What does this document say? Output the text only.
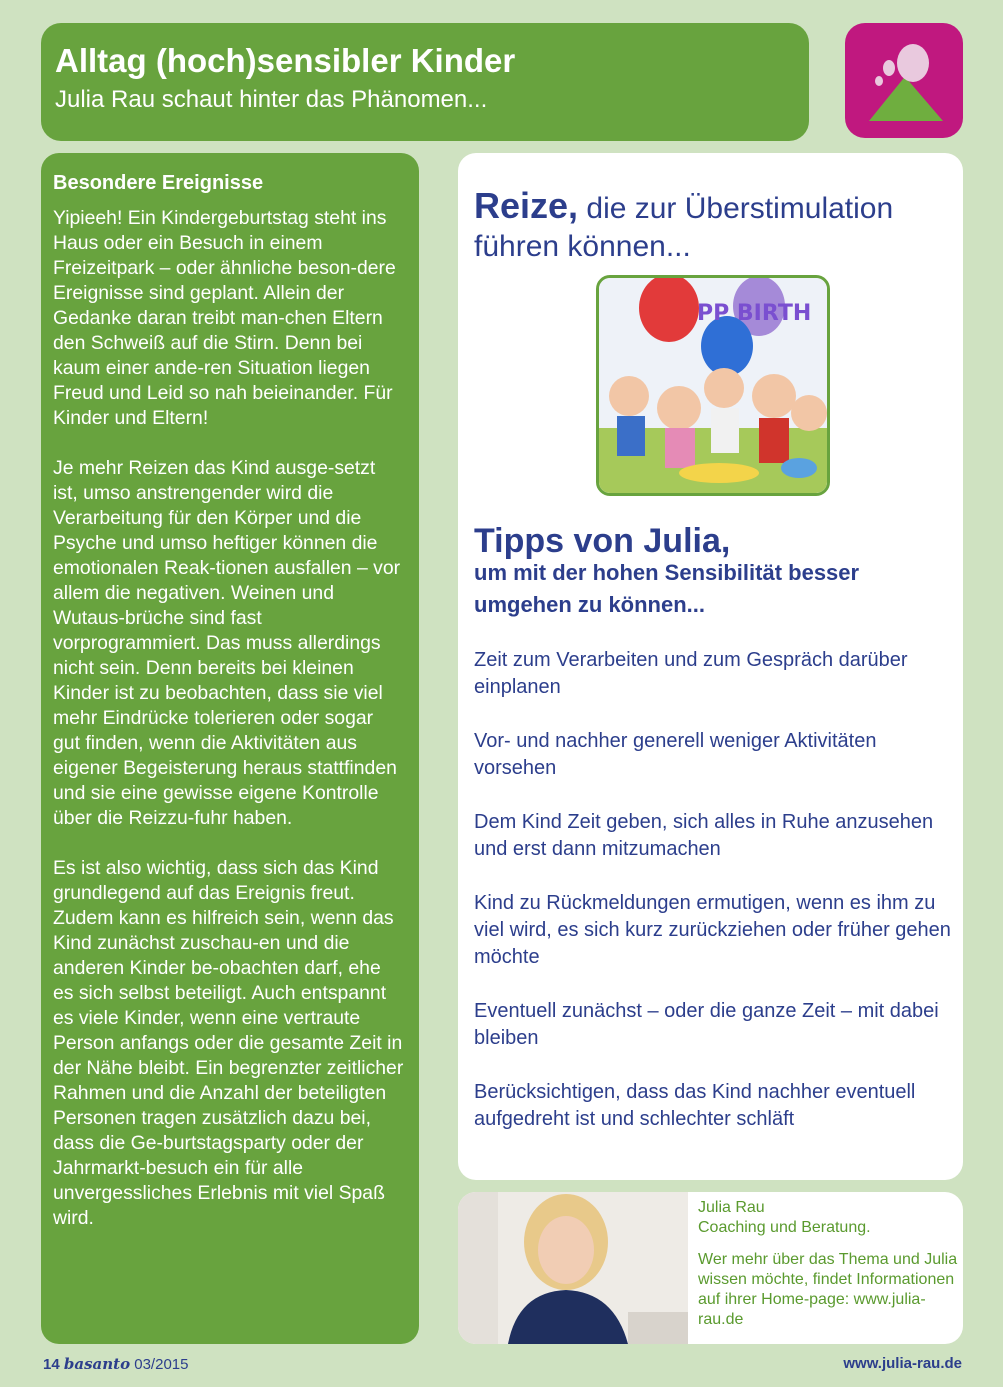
Alltag (hoch)sensibler Kinder
Julia Rau schaut hinter das Phänomen...
Besondere Ereignisse

Yipieeh! Ein Kindergeburtstag steht ins Haus oder ein Besuch in einem Freizeitpark – oder ähnliche beson-dere Ereignisse sind geplant. Allein der Gedanke daran treibt man-chen Eltern den Schweiß auf die Stirn. Denn bei kaum einer ande-ren Situation liegen Freud und Leid so nah beieinander. Für Kinder und Eltern!

Je mehr Reizen das Kind ausge-setzt ist, umso anstrengender wird die Verarbeitung für den Körper und die Psyche und umso heftiger können die emotionalen Reak-tionen ausfallen – vor allem die negativen. Weinen und Wutaus-brüche sind fast vorprogrammiert. Das muss allerdings nicht sein. Denn bereits bei kleinen Kinder ist zu beobachten, dass sie viel mehr Eindrücke tolerieren oder sogar gut finden, wenn die Aktivitäten aus eigener Begeisterung heraus stattfinden und sie eine gewisse eigene Kontrolle über die Reizzu-fuhr haben.

Es ist also wichtig, dass sich das Kind grundlegend auf das Ereignis freut. Zudem kann es hilfreich sein, wenn das Kind zunächst zuschau-en und die anderen Kinder be-obachten darf, ehe es sich selbst beteiligt. Auch entspannt es viele Kinder, wenn eine vertraute Person anfangs oder die gesamte Zeit in der Nähe bleibt. Ein begrenzter zeitlicher Rahmen und die Anzahl der beteiligten Personen tragen zusätzlich dazu bei, dass die Ge-burtstagsparty oder der Jahrmarkt-besuch ein für alle unvergessliches Erlebnis mit viel Spaß wird.

Reize, die zur Überstimulation führen können...
PP BIRTH
Tipps von Julia,
um mit der hohen Sensibilität besser umgehen zu können...
Zeit zum Verarbeiten und zum Gespräch darüber einplanen
Vor- und nachher generell weniger Aktivitäten vorsehen
Dem Kind Zeit geben, sich alles in Ruhe anzusehen und erst dann mitzumachen
Kind zu Rückmeldungen ermutigen, wenn es ihm zu viel wird, es sich kurz zurückziehen oder früher gehen möchte
Eventuell zunächst – oder die ganze Zeit – mit dabei bleiben
Berücksichtigen, dass das Kind nachher eventuell aufgedreht ist und schlechter schläft
Julia Rau
Coaching und Beratung.
Wer mehr über das Thema und Julia wissen möchte, findet Informationen auf ihrer Home-page: www.julia-rau.de
14 basanto 03/2015	www.julia-rau.de
